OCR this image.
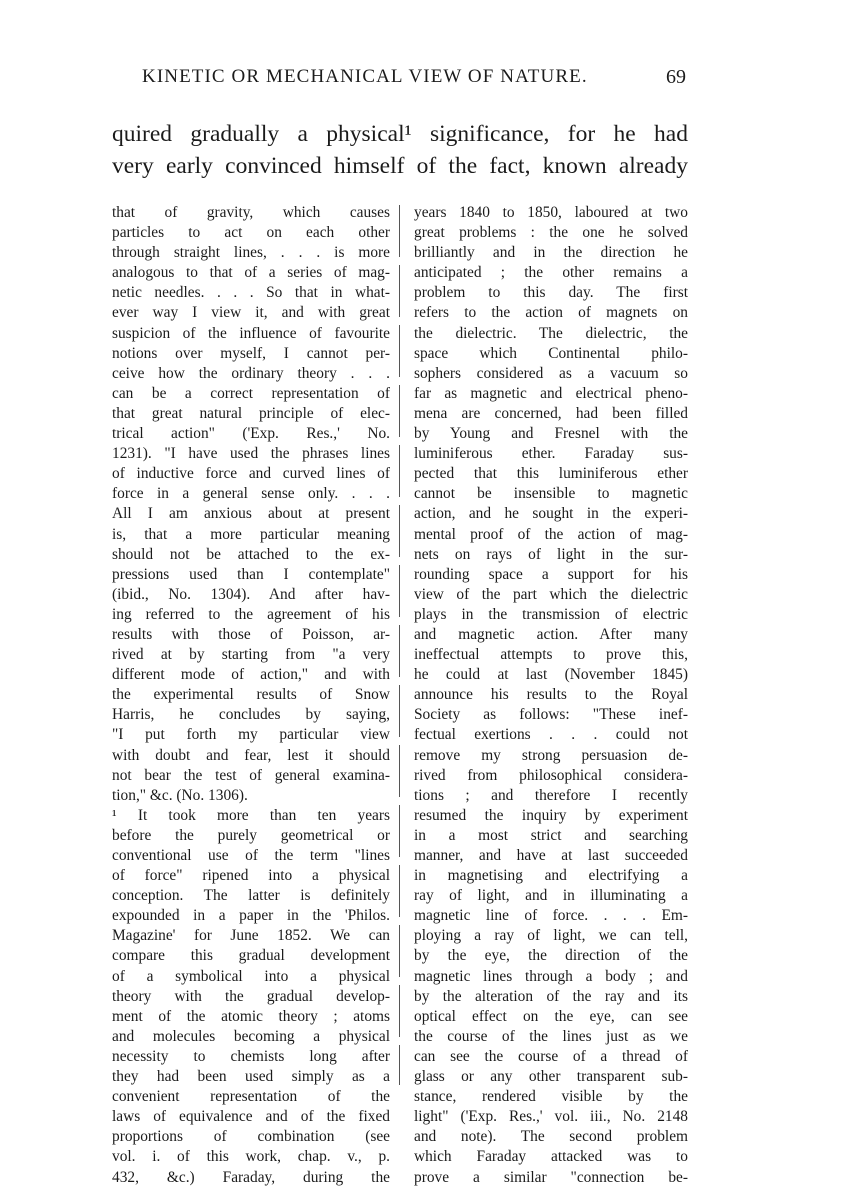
KINETIC OR MECHANICAL VIEW OF NATURE.	69
quired gradually a physical¹ significance, for he had
very early convinced himself of the fact, known already
that of gravity, which causes
particles to act on each other
through straight lines, . . . is more
analogous to that of a series of mag-
netic needles. . . . So that in what-
ever way I view it, and with great
suspicion of the influence of favourite
notions over myself, I cannot per-
ceive how the ordinary theory . . .
can be a correct representation of
that great natural principle of elec-
trical action" ('Exp. Res.,' No.
1231). "I have used the phrases lines
of inductive force and curved lines of
force in a general sense only. . . .
All I am anxious about at present
is, that a more particular meaning
should not be attached to the ex-
pressions used than I contemplate"
(ibid., No. 1304). And after hav-
ing referred to the agreement of his
results with those of Poisson, ar-
rived at by starting from "a very
different mode of action," and with
the experimental results of Snow
Harris, he concludes by saying,
"I put forth my particular view
with doubt and fear, lest it should
not bear the test of general examina-
tion," &c. (No. 1306).
¹ It took more than ten years
before the purely geometrical or
conventional use of the term "lines
of force" ripened into a physical
conception. The latter is definitely
expounded in a paper in the 'Philos.
Magazine' for June 1852. We can
compare this gradual development
of a symbolical into a physical
theory with the gradual develop-
ment of the atomic theory ; atoms
and molecules becoming a physical
necessity to chemists long after
they had been used simply as a
convenient representation of the
laws of equivalence and of the fixed
proportions of combination (see
vol. i. of this work, chap. v., p.
432, &c.) Faraday, during the
years 1840 to 1850, laboured at two
great problems : the one he solved
brilliantly and in the direction he
anticipated ; the other remains a
problem to this day. The first
refers to the action of magnets on
the dielectric. The dielectric, the
space which Continental philo-
sophers considered as a vacuum so
far as magnetic and electrical pheno-
mena are concerned, had been filled
by Young and Fresnel with the
luminiferous ether. Faraday sus-
pected that this luminiferous ether
cannot be insensible to magnetic
action, and he sought in the experi-
mental proof of the action of mag-
nets on rays of light in the sur-
rounding space a support for his
view of the part which the dielectric
plays in the transmission of electric
and magnetic action. After many
ineffectual attempts to prove this,
he could at last (November 1845)
announce his results to the Royal
Society as follows: "These inef-
fectual exertions . . . could not
remove my strong persuasion de-
rived from philosophical considera-
tions ; and therefore I recently
resumed the inquiry by experiment
in a most strict and searching
manner, and have at last succeeded
in magnetising and electrifying a
ray of light, and in illuminating a
magnetic line of force. . . . Em-
ploying a ray of light, we can tell,
by the eye, the direction of the
magnetic lines through a body ; and
by the alteration of the ray and its
optical effect on the eye, can see
the course of the lines just as we
can see the course of a thread of
glass or any other transparent sub-
stance, rendered visible by the
light" ('Exp. Res.,' vol. iii., No. 2148
and note). The second problem
which Faraday attacked was to
prove a similar "connection be-
